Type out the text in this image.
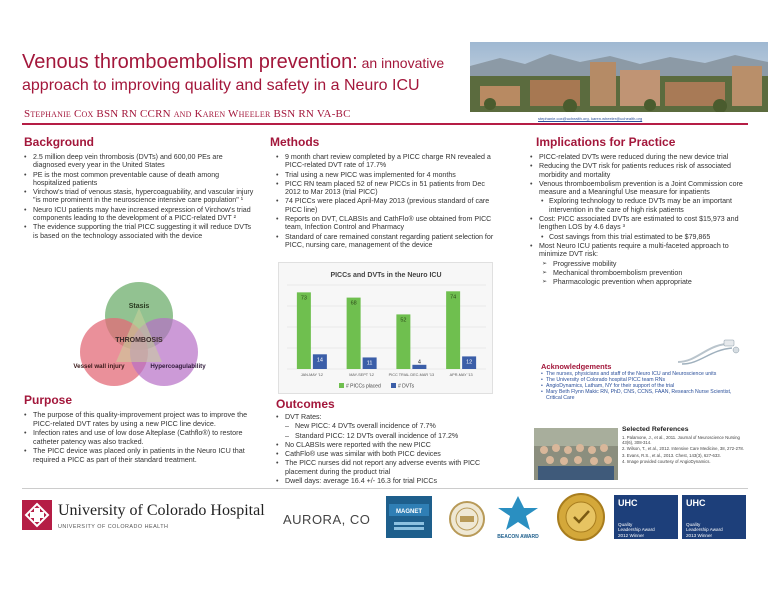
Venous thromboembolism prevention: an innovative
approach to improving quality and safety in a Neuro ICU
Stephanie Cox BSN RN CCRN and Karen Wheeler BSN RN VA-BC	stephanie.cox@uchealth.org, karen.wheeler@uchealth.org
Background
• 2.5 million deep vein thrombosis (DVTs) and 600,00 PEs are diagnosed every year in the United States
• PE is the most common preventable cause of death among hospitalized patients
• Virchow's triad of venous stasis, hypercoaguability, and vascular injury "is more prominent in the neuroscience intensive care population" ¹
• Neuro ICU patients may have increased expression of Virchow's triad components leading to the development of a PICC-related DVT ²
• The evidence supporting the trial PICC suggesting it will reduce DVTs is based on the technology associated with the device
Stasis
THROMBOSIS
Vessel wall injury	Hypercoagulability
Purpose
• The purpose of this quality-improvement project was to improve the PICC-related DVT rates by using a new PICC line device.
• Infection rates and use of low dose Alteplase (Cathflo®) to restore catheter patency was also tracked.
• The PICC device was placed only in patients in the Neuro ICU that required a PICC as part of their standard treatment.
Methods
• 9 month chart review completed by a PICC charge RN revealed a PICC-related DVT rate of 17.7%
• Trial using a new PICC was implemented for 4 months
• PICC RN team placed 52 of new PICCs in 51 patients from Dec 2012 to Mar 2013 (trial PICC)
• 74 PICCs were placed April-May 2013 (previous standard of care PICC line)
• Reports on DVT, CLABSIs and CathFlo® use obtained from PICC team, Infection Control and Pharmacy
• Standard of care remained constant regarding patient selection for PICC, nursing care, management of the device
PICCs and DVTs in the Neuro ICU
73
14
68
11
52
4
74
12
JAN-MAY '12	MAY-SEPT '12	PICC TRIAL DEC-MAR '13	APR-MAY '13
# PICCs placed	# DVTs
Outcomes
• DVT Rates:
– New PICC: 4 DVTs overall incidence of 7.7%
– Standard PICC: 12 DVTs overall incidence of 17.2%
• No CLABSIs were reported with the new PICC
• CathFlo® use was similar with both PICC devices
• The PICC nurses did not report any adverse events with PICC placement during the product trial
• Dwell days: average 16.4 +/- 16.3 for trial PICCs
Implications for Practice
• PICC-related DVTs were reduced during the new device trial
• Reducing the DVT risk for patients reduces risk of associated morbidity and mortality
• Venous thromboembolism prevention is a Joint Commission core measure and a Meaningful Use measure for inpatients
• Exploring technology to reduce DVTs may be an important intervention in the care of high risk patients
• Cost: PICC associated DVTs are estimated to cost $15,973 and lengthen LOS by 4.6 days ³
• Cost savings from this trial estimated to be $79,865
• Most Neuro ICU patients require a multi-faceted approach to minimize DVT risk:
➢ Progressive mobility
➢ Mechanical thromboembolism prevention
➢ Pharmacologic prevention when appropriate
Acknowledgements
• The nurses, physicians and staff of the Neuro ICU and Neuroscience units
• The University of Colorado hospital PICC team RNs
• AngioDynamics, Latham, NY for their support of the trial
• Mary Beth Flynn Makic RN, PhD, CNS, CCNS, FAAN, Research Nurse Scientist, Critical Care
Selected References
1. Palamone, J., et al., 2011. Journal of Neuroscience Nursing 43(6), 308-314.
2. Wilson, T., et al., 2012. Intensive Care Medicine, 38, 272-278.
3. Evans, R.S., et al., 2013. Chest, 143(3), 627-633.
4. Image provided courtesy of AngioDynamics.
University of Colorado Hospital
UNIVERSITY OF COLORADO HEALTH	AURORA, CO	MAGNET
BEACON AWARD
UHC
Quality
Leadership Award
2012 Winner
UHC
Quality
Leadership Award
2013 Winner
